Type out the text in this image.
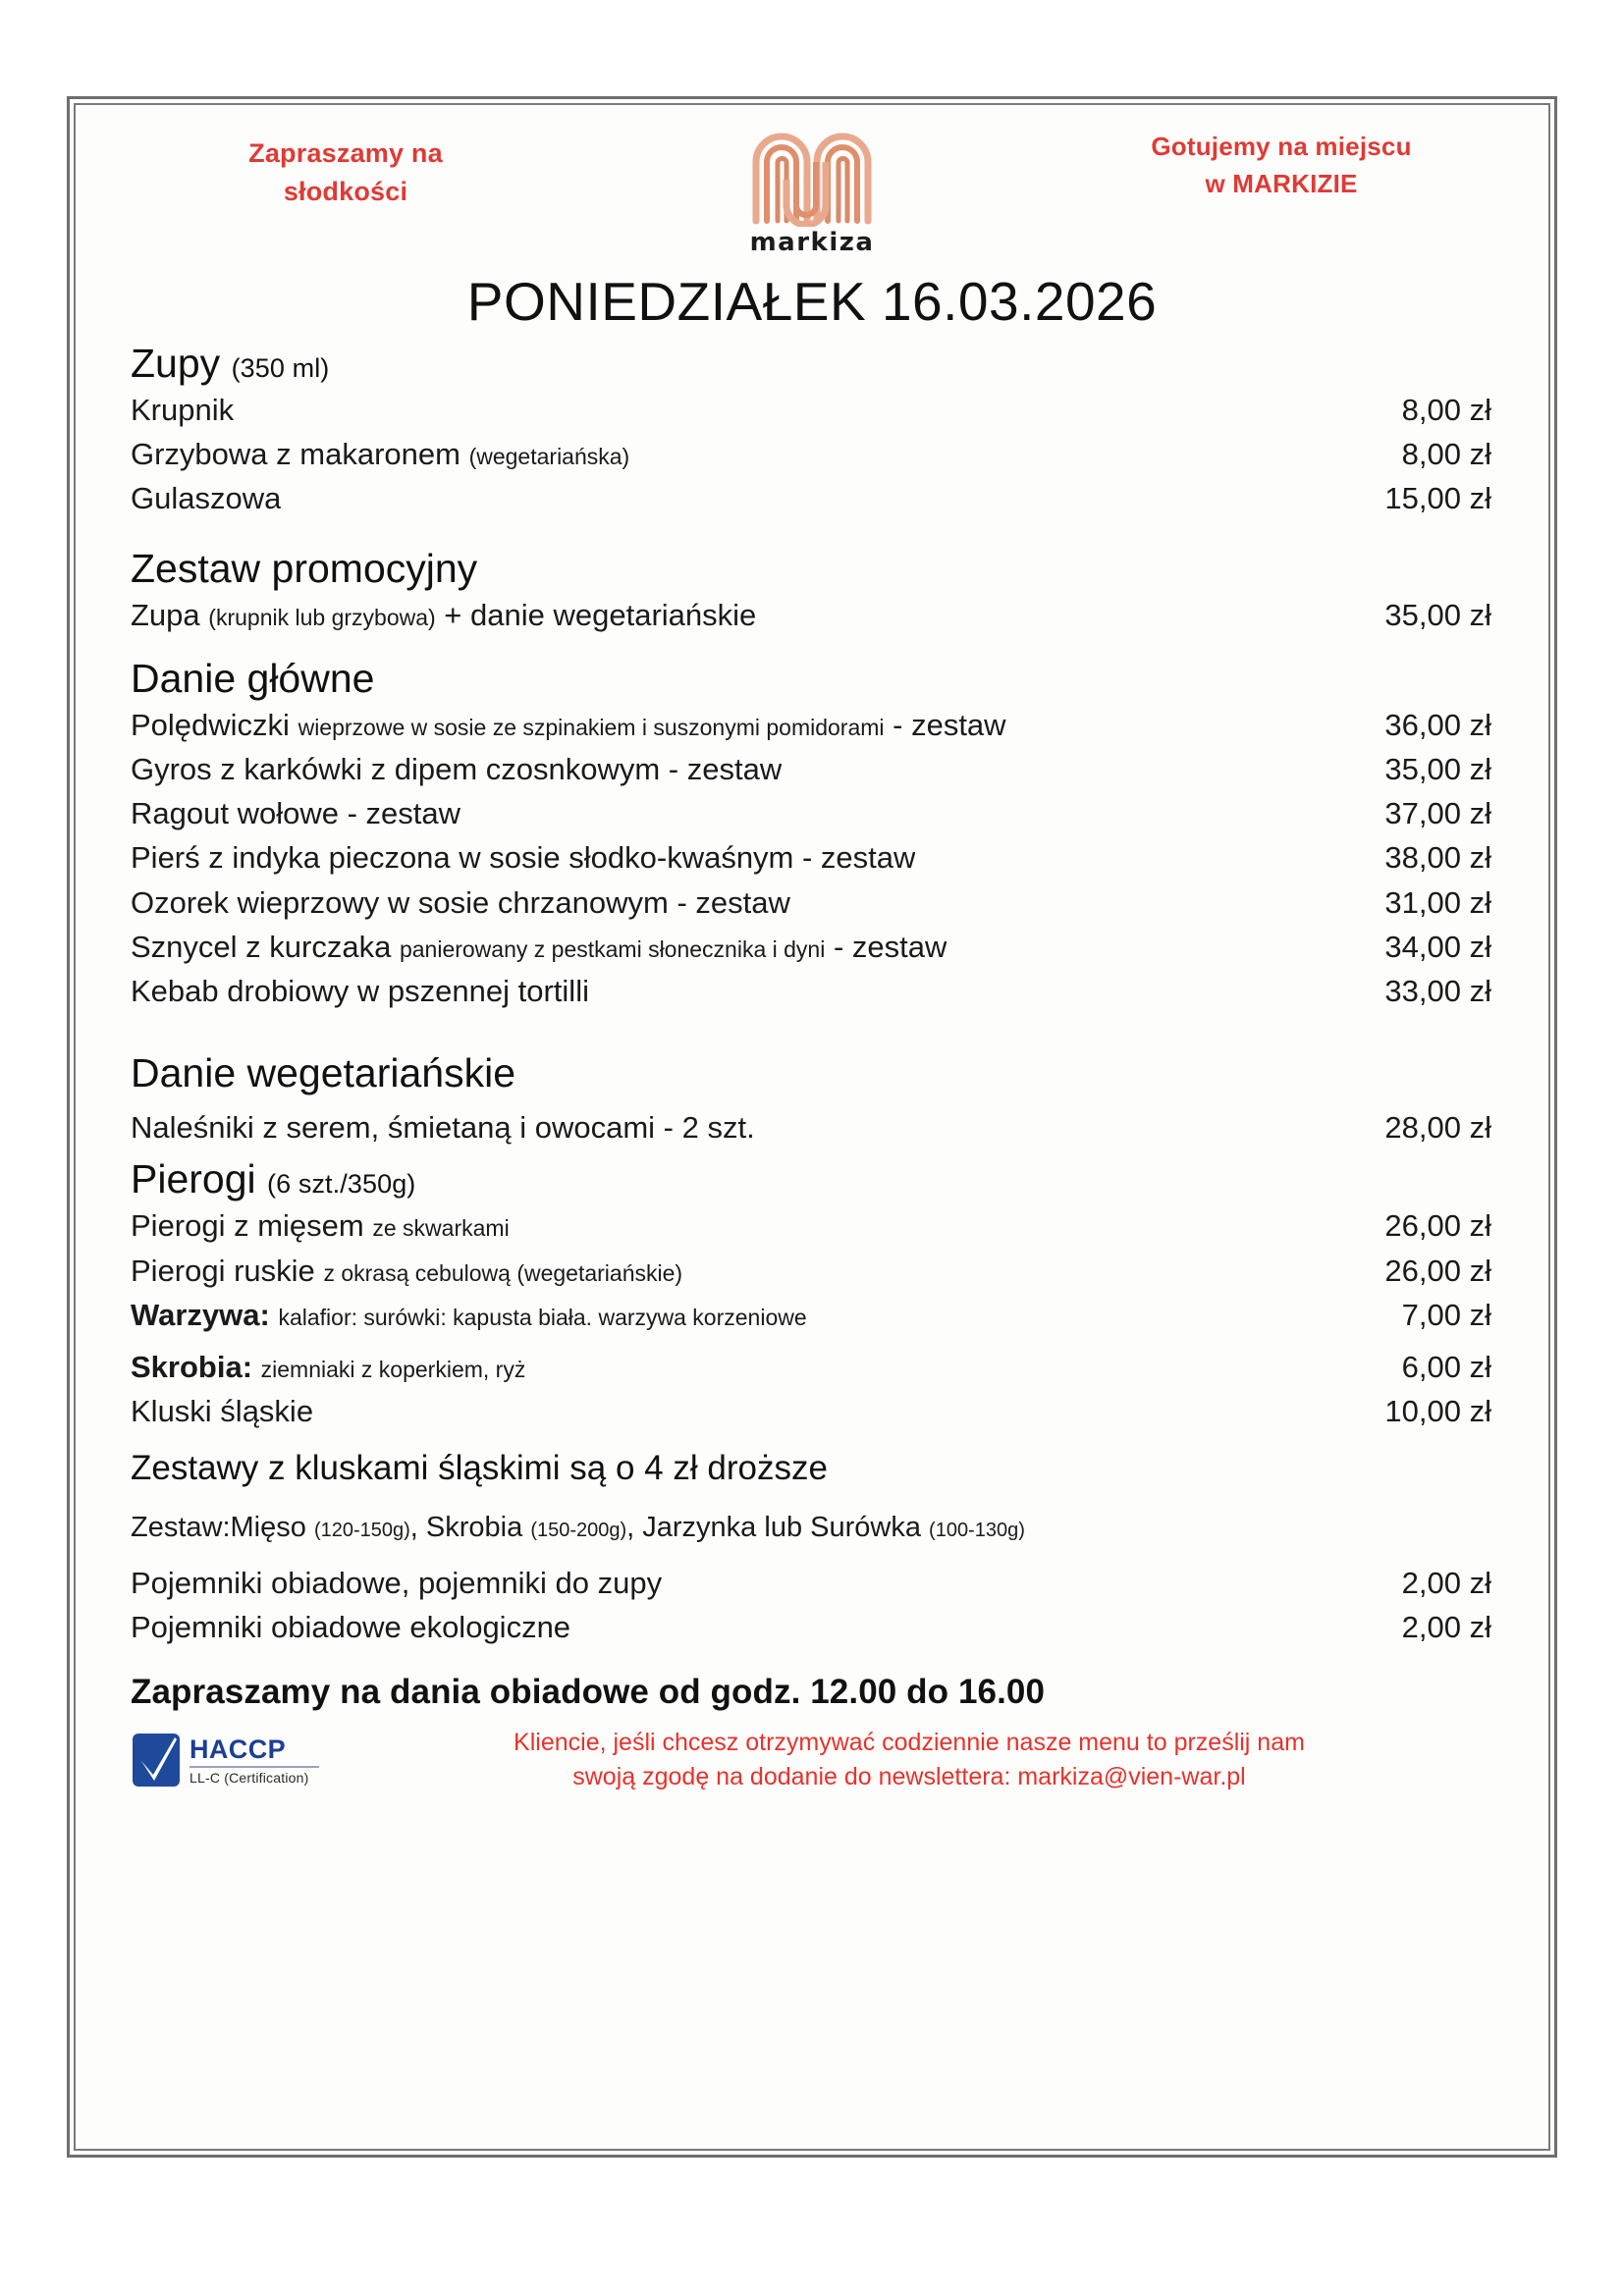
Zapraszamy na
słodkości
markiza
Gotujemy na miejscu
w MARKIZIE
PONIEDZIAŁEK 16.03.2026
Zupy (350 ml)
Krupnik	8,00 zł
Grzybowa z makaronem (wegetariańska)	8,00 zł
Gulaszowa	15,00 zł
Zestaw promocyjny
Zupa (krupnik lub grzybowa) + danie wegetariańskie	35,00 zł
Danie główne
Polędwiczki wieprzowe w sosie ze szpinakiem i suszonymi pomidorami - zestaw	36,00 zł
Gyros z karkówki z dipem czosnkowym - zestaw	35,00 zł
Ragout wołowe - zestaw	37,00 zł
Pierś z indyka pieczona w sosie słodko-kwaśnym - zestaw	38,00 zł
Ozorek wieprzowy w sosie chrzanowym - zestaw	31,00 zł
Sznycel z kurczaka panierowany z pestkami słonecznika i dyni - zestaw	34,00 zł
Kebab drobiowy w pszennej tortilli	33,00 zł
Danie wegetariańskie
Naleśniki z serem, śmietaną i owocami - 2 szt.	28,00 zł
Pierogi (6 szt./350g)
Pierogi z mięsem ze skwarkami	26,00 zł
Pierogi ruskie z okrasą cebulową (wegetariańskie)	26,00 zł
Warzywa: kalafior: surówki: kapusta biała. warzywa korzeniowe	7,00 zł
Skrobia: ziemniaki z koperkiem, ryż	6,00 zł
Kluski śląskie	10,00 zł
Zestawy z kluskami śląskimi są o 4 zł droższe
Zestaw:Mięso (120-150g), Skrobia (150-200g), Jarzynka lub Surówka (100-130g)
Pojemniki obiadowe, pojemniki do zupy	2,00 zł
Pojemniki obiadowe ekologiczne	2,00 zł
Zapraszamy na dania obiadowe od godz. 12.00 do 16.00
HACCP
LL-C (Certification)
Kliencie, jeśli chcesz otrzymywać codziennie nasze menu to prześlij nam
swoją zgodę na dodanie do newslettera: markiza@vien-war.pl
